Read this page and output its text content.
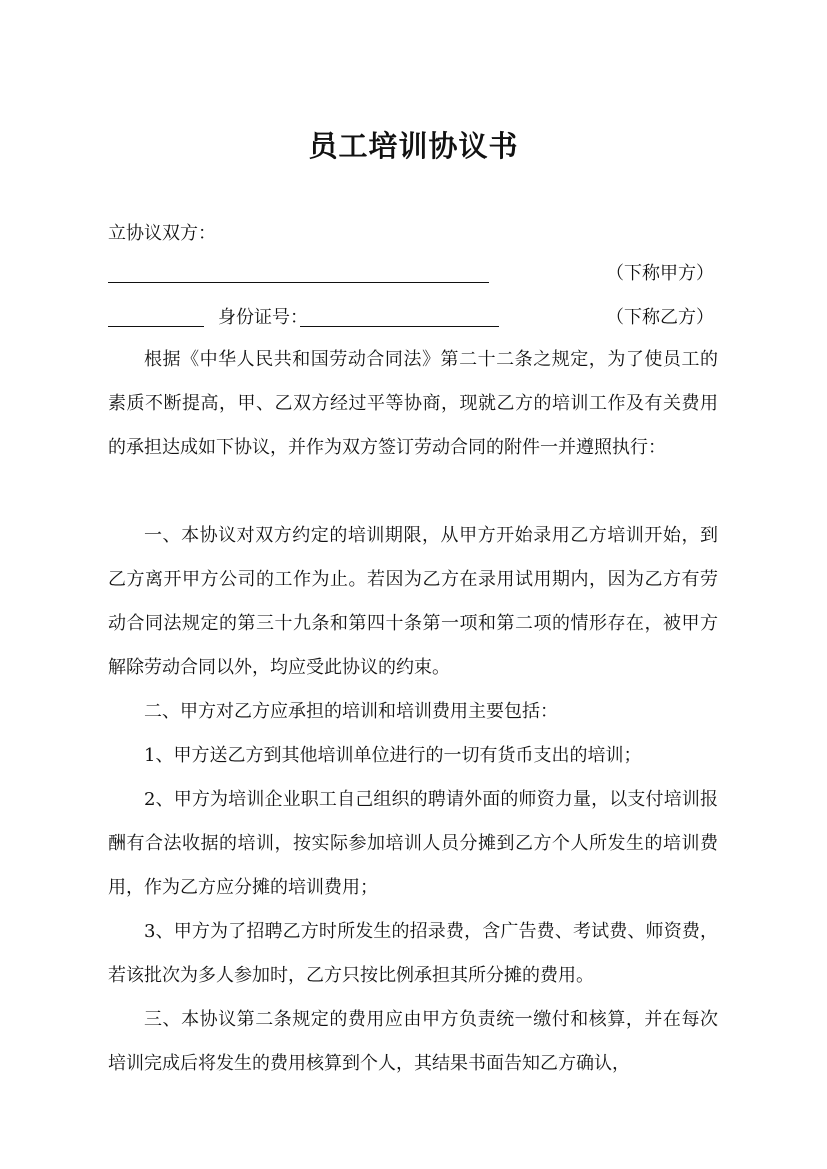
员工培训协议书
立协议双方：
（下称甲方）
身份证号：	（下称乙方）
根据《中华人民共和国劳动合同法》第二十二条之规定，为了使员工的素质不断提高，甲、乙双方经过平等协商，现就乙方的培训工作及有关费用的承担达成如下协议，并作为双方签订劳动合同的附件一并遵照执行：
一、本协议对双方约定的培训期限，从甲方开始录用乙方培训开始，到乙方离开甲方公司的工作为止。若因为乙方在录用试用期内，因为乙方有劳动合同法规定的第三十九条和第四十条第一项和第二项的情形存在，被甲方解除劳动合同以外，均应受此协议的约束。
二、甲方对乙方应承担的培训和培训费用主要包括：
1、甲方送乙方到其他培训单位进行的一切有货币支出的培训；
2、甲方为培训企业职工自己组织的聘请外面的师资力量，以支付培训报酬有合法收据的培训，按实际参加培训人员分摊到乙方个人所发生的培训费用，作为乙方应分摊的培训费用；
3、甲方为了招聘乙方时所发生的招录费，含广告费、考试费、师资费，若该批次为多人参加时，乙方只按比例承担其所分摊的费用。
三、本协议第二条规定的费用应由甲方负责统一缴付和核算，并在每次培训完成后将发生的费用核算到个人，其结果书面告知乙方确认，
